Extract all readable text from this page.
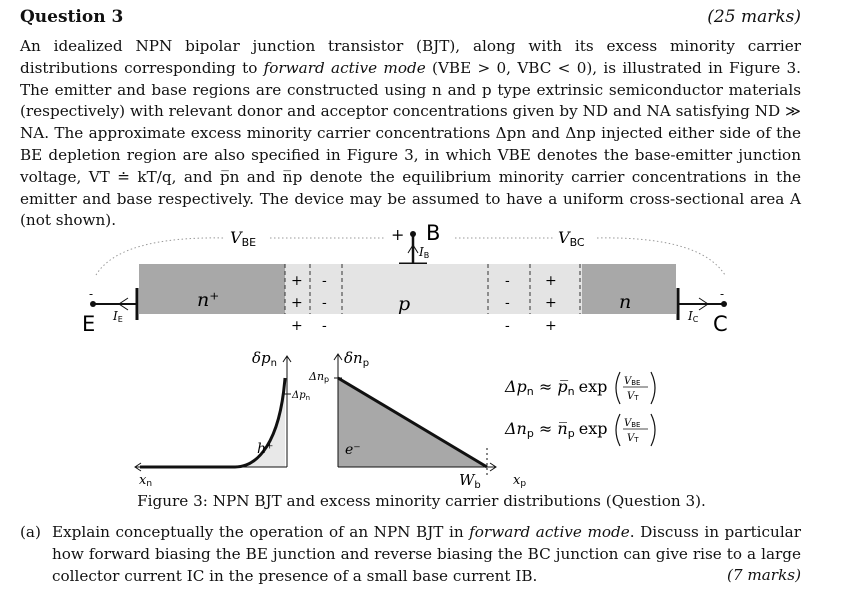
Question 3	(25 marks)
An idealized NPN bipolar junction transistor (BJT), along with its excess minority carrier distributions corresponding to forward active mode (VBE > 0, VBC < 0), is illustrated in Figure 3. The emitter and base regions are constructed using n and p type extrinsic semiconductor materials (respectively) with relevant donor and acceptor concentrations given by ND and NA satisfying ND ≫ NA. The approximate excess minority carrier concentrations Δpn and Δnp injected either side of the BE depletion region are also specified in Figure 3, in which VBE denotes the base-emitter junction voltage, VT ≐ kT/q, and p̅n and n̅p denote the equilibrium minority carrier concentrations in the emitter and base respectively. The device may be assumed to have a uniform cross-sectional area A (not shown).
VBE	VBC
+ B
IB
+
+
+
-
-
-
-
-
-
+
+
+
n⁺	p	n
-
E IE
-
C
IC
$\delta p_n$
$\Delta p_n$
h⁺
xn
$\delta n_p$
Δnp
e⁻
$W_b$ xp
Δpn ≈ p̅n exp VBE
VT
Δnp ≈ n̅p exp VBE
VT
Figure 3: NPN BJT and excess minority carrier distributions (Question 3).
(a) Explain conceptually the operation of an NPN BJT in forward active mode. Discuss in particular how forward biasing the BE junction and reverse biasing the BC junction can give rise to a large collector current IC in the presence of a small base current IB.	(7 marks)
